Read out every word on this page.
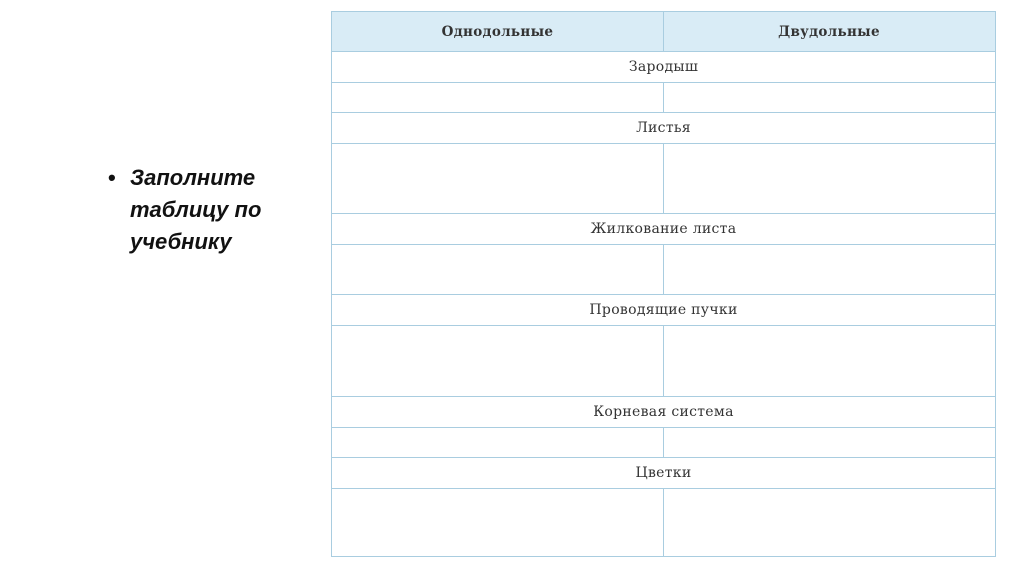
• Заполните
таблицу по
учебнику
Однодольные	Двудольные
Зародыш
Листья
Жилкование листа
Проводящие пучки
Корневая система
Цветки
